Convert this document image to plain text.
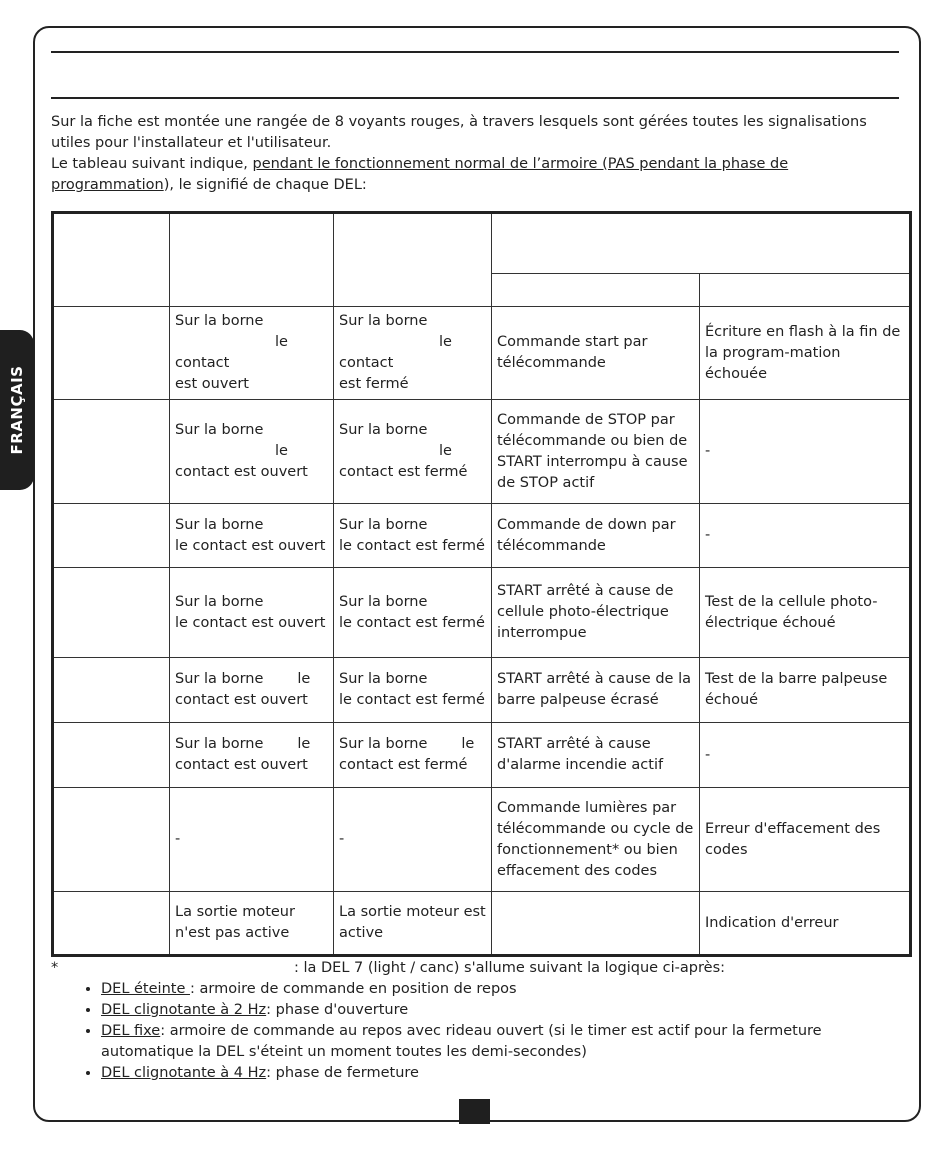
FRANÇAIS

Sur la fiche est montée une rangée de 8 voyants rouges, à travers lesquels sont gérées toutes les signalisations utiles pour l'installateur et l'utilisateur.

Le tableau suivant indique, pendant le fonctionnement normal de l’armoire (PAS pendant la phase de programmation), le signifié de chaque DEL:

	Sur la borne
le contact
est ouvert	Sur la borne
le contact
est fermé	Commande start par télécommande	Écriture en flash à la fin de la program-mation échouée
	Sur la borne
le
contact est ouvert	Sur la borne
le
contact est fermé	Commande de STOP par télécommande ou bien de START interrompu à cause de STOP actif	-
	Sur la borne
le contact est ouvert	Sur la borne
le contact est fermé	Commande de down par télécommande	-
	Sur la borne
le contact est ouvert	Sur la borne
le contact est fermé	START arrêté à cause de cellule photo-électrique interrompue	Test de la cellule photo-électrique échoué
	Sur la borne le
contact est ouvert	Sur la borne
le contact est fermé	START arrêté à cause de la barre palpeuse écrasé	Test de la barre palpeuse échoué
	Sur la borne le
contact est ouvert	Sur la borne le
contact est fermé	START arrêté à cause d'alarme incendie actif	-
	-	-	Commande lumières par télécommande ou cycle de fonctionnement* ou bien effacement des codes	Erreur d'effacement des codes
	La sortie moteur
n'est pas active	La sortie moteur est
active		Indication d'erreur
*	: la DEL 7 (light / canc) s'allume suivant la logique ci-après:
• DEL éteinte : armoire de commande en position de repos
• DEL clignotante à 2 Hz: phase d'ouverture
• DEL fixe: armoire de commande au repos avec rideau ouvert (si le timer est actif pour la fermeture automatique la DEL s'éteint un moment toutes les demi-secondes)
• DEL clignotante à 4 Hz: phase de fermeture
